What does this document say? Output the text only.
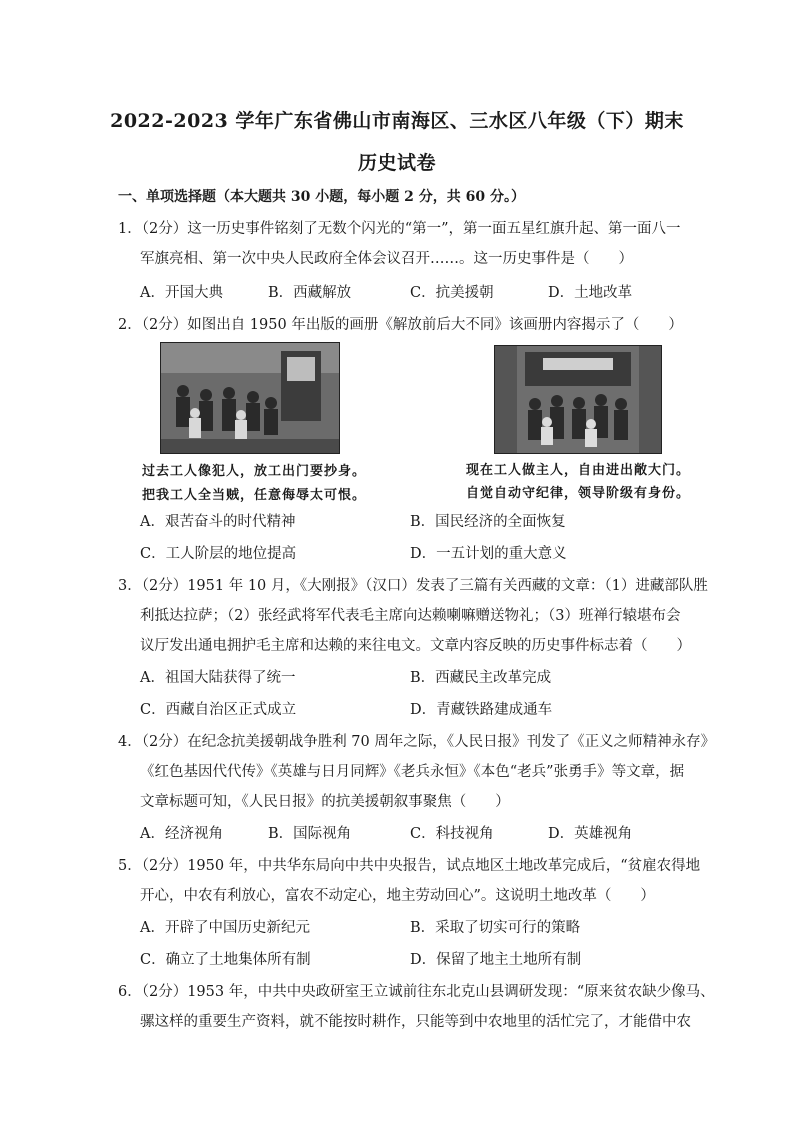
2022-2023 学年广东省佛山市南海区、三水区八年级（下）期末
历史试卷
一、单项选择题（本大题共 30 小题，每小题 2 分，共 60 分。）
1．（2分）这一历史事件铭刻了无数个闪光的“第一”，第一面五星红旗升起、第一面八一
军旗亮相、第一次中央人民政府全体会议召开……。这一历史事件是（　　）
A．开国大典	B．西藏解放	C．抗美援朝	D．土地改革
2．（2分）如图出自 1950 年出版的画册《解放前后大不同》该画册内容揭示了（　　）
过去工人像犯人，放工出门要抄身。
把我工人全当贼，任意侮辱太可恨。
现在工人做主人，自由进出敞大门。
自觉自动守纪律，领导阶级有身份。
A．艰苦奋斗的时代精神	B．国民经济的全面恢复
C．工人阶层的地位提高	D．一五计划的重大意义
3．（2分）1951 年 10 月，《大刚报》（汉口）发表了三篇有关西藏的文章：（1）进藏部队胜
利抵达拉萨；（2）张经武将军代表毛主席向达赖喇嘛赠送物礼；（3）班禅行辕堪布会
议厅发出通电拥护毛主席和达赖的来往电文。文章内容反映的历史事件标志着（　　）
A．祖国大陆获得了统一	B．西藏民主改革完成
C．西藏自治区正式成立	D．青藏铁路建成通车
4．（2分）在纪念抗美援朝战争胜利 70 周年之际，《人民日报》刊发了《正义之师精神永存》
《红色基因代代传》《英雄与日月同辉》《老兵永恒》《本色“老兵”张勇手》等文章，据
文章标题可知，《人民日报》的抗美援朝叙事聚焦（　　）
A．经济视角	B．国际视角	C．科技视角	D．英雄视角
5．（2分）1950 年，中共华东局向中共中央报告，试点地区土地改革完成后，“贫雇农得地
开心，中农有利放心，富农不动定心，地主劳动回心”。这说明土地改革（　　）
A．开辟了中国历史新纪元	B．采取了切实可行的策略
C．确立了土地集体所有制	D．保留了地主土地所有制
6．（2分）1953 年，中共中央政研室王立诚前往东北克山县调研发现：“原来贫农缺少像马、
骡这样的重要生产资料，就不能按时耕作，只能等到中农地里的活忙完了，才能借中农
